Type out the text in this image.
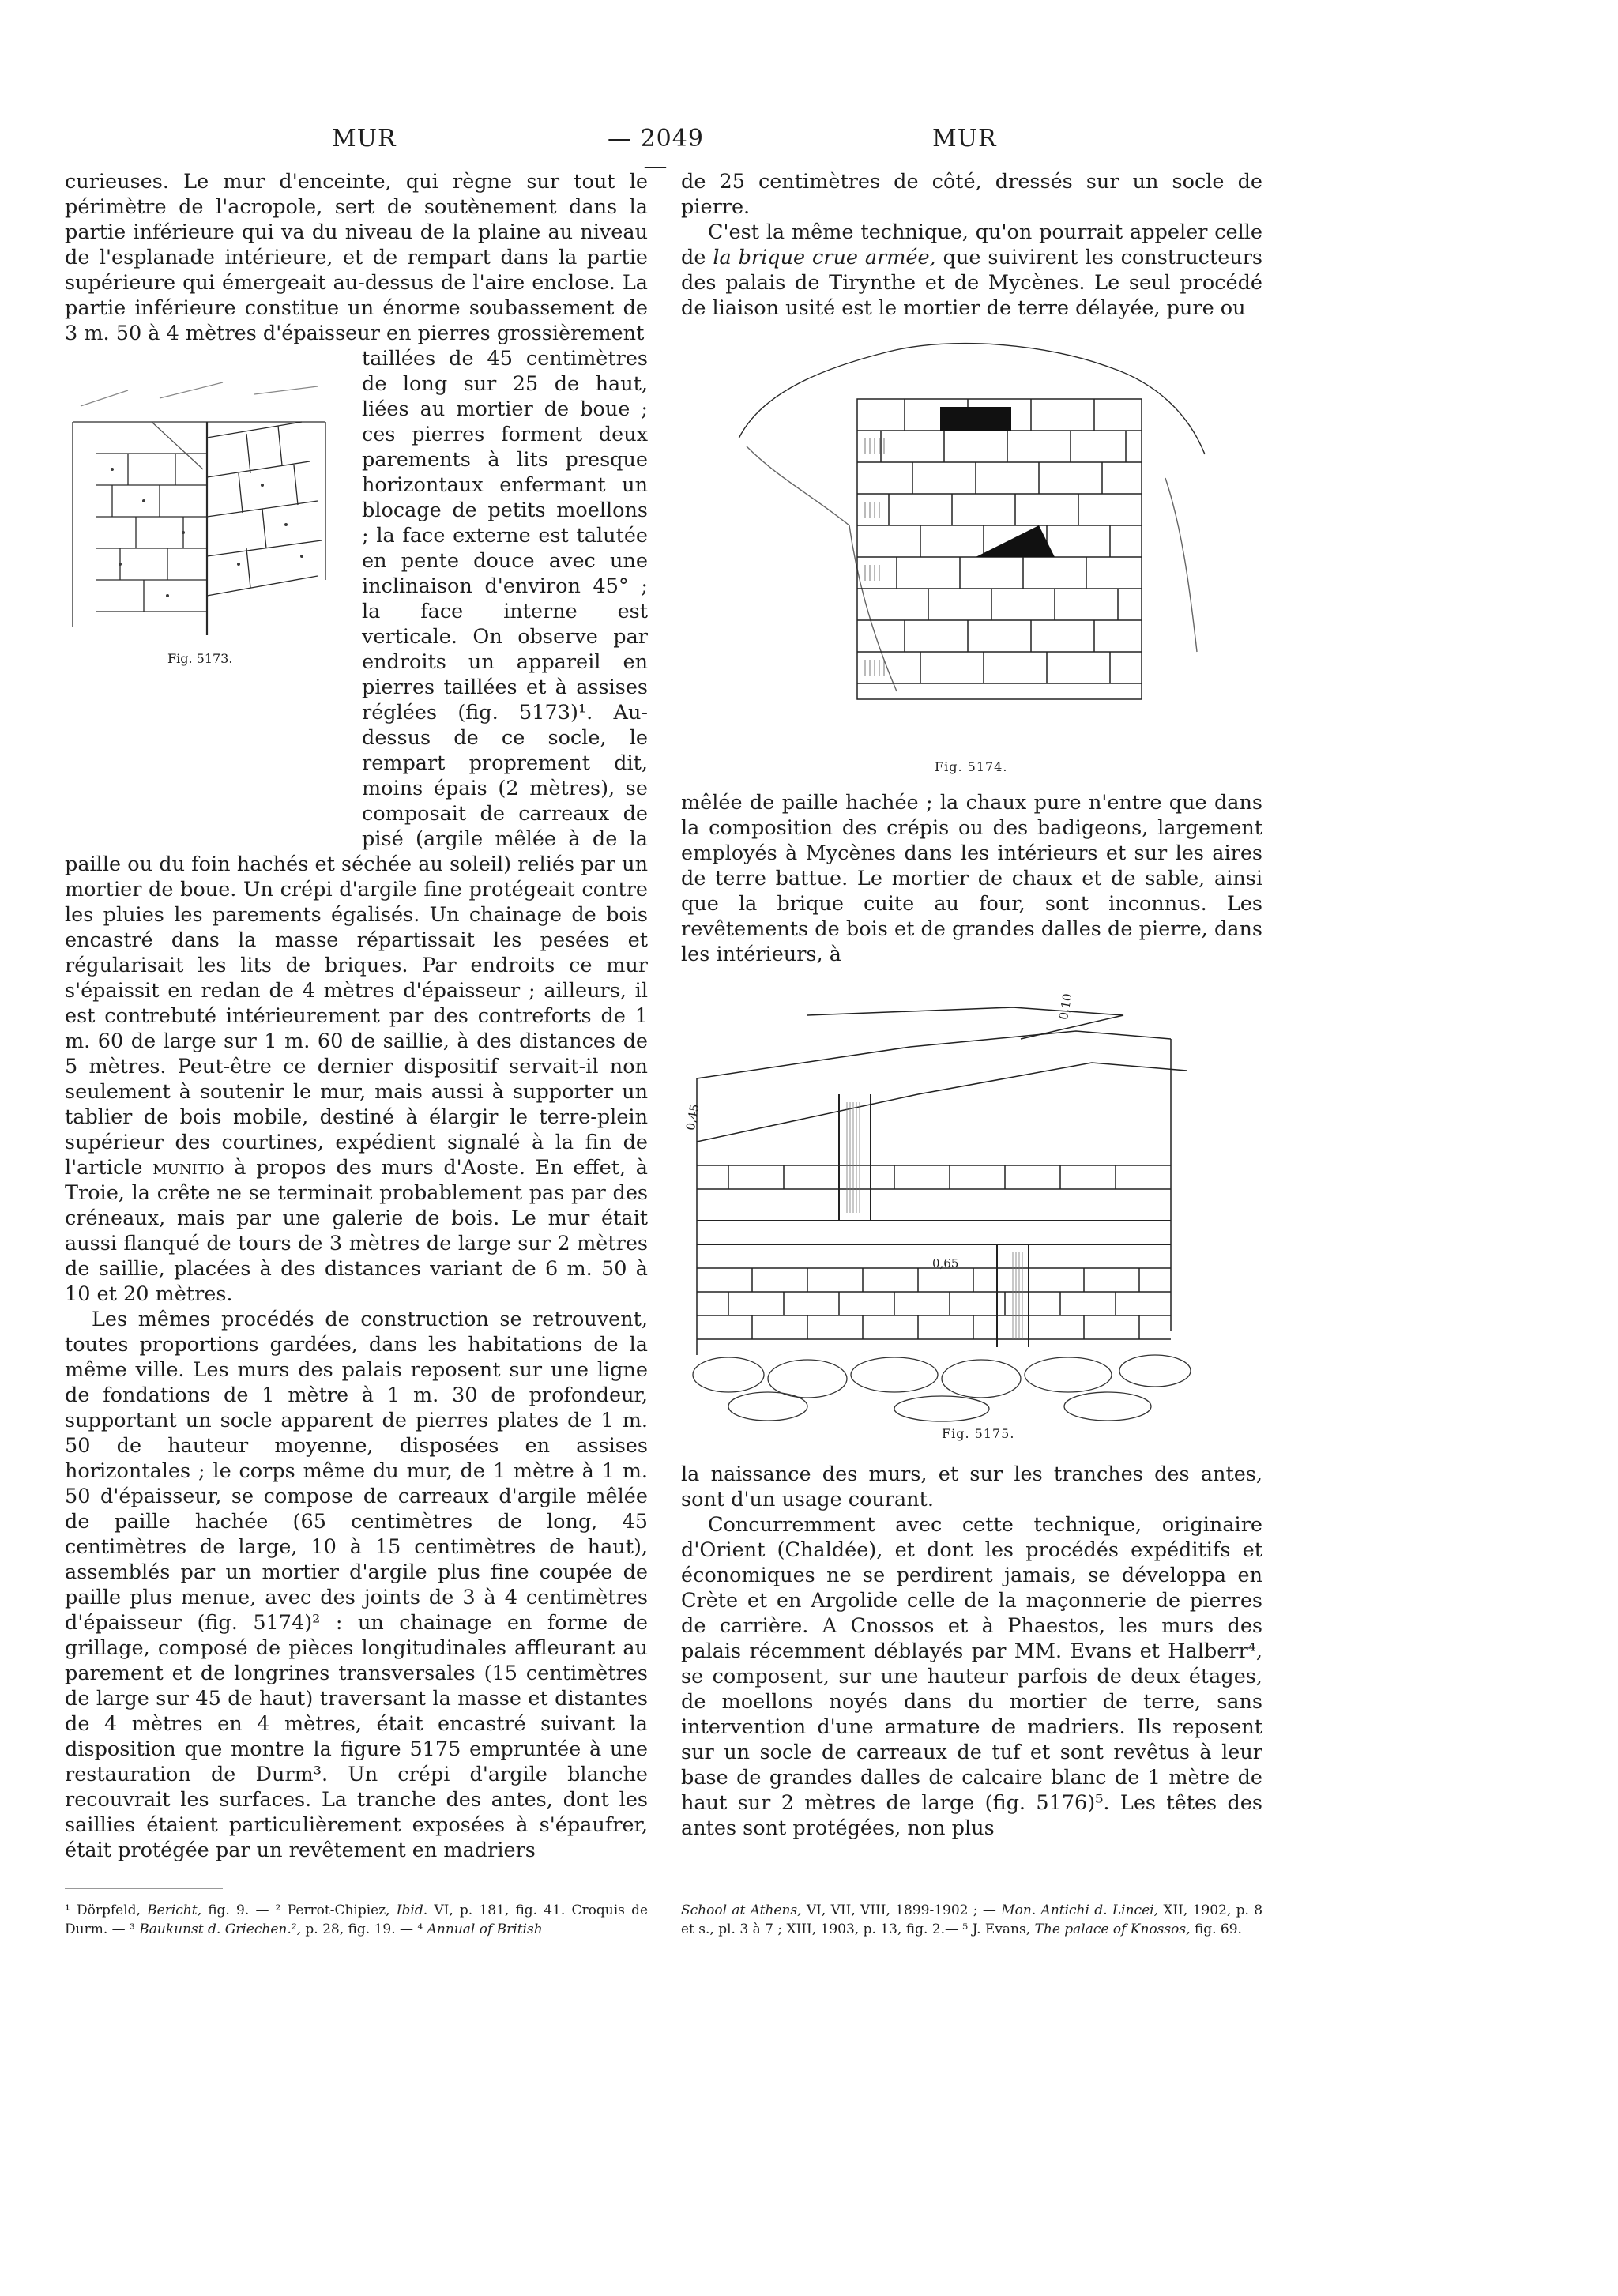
MUR	— 2049 —
MUR

curieuses. Le mur d'enceinte, qui règne sur tout le périmètre de l'acropole, sert de soutènement dans la partie inférieure qui va du niveau de la plaine au niveau de l'esplanade intérieure, et de rempart dans la partie supérieure qui émergeait au-dessus de l'aire enclose. La partie inférieure constitue un énorme soubassement de 3 m. 50 à 4 mètres d'épaisseur en pierres grossièrement

Fig. 5173.

taillées de 45 centimètres de long sur 25 de haut, liées au mortier de boue ; ces pierres forment deux parements à lits presque horizontaux enfermant un blocage de petits moellons ; la face externe est talutée en pente douce avec une inclinaison d'environ 45° ; la face interne est verticale. On observe par endroits un appareil en pierres taillées et à assises réglées (fig. 5173)¹. Au-dessus de ce socle, le rempart proprement dit, moins épais (2 mètres), se composait de carreaux de pisé (argile mêlée à de la paille ou du foin hachés et séchée au soleil) reliés par un mortier de boue. Un crépi d'argile fine protégeait contre les pluies les parements égalisés. Un chainage de bois encastré dans la masse répartissait les pesées et régularisait les lits de briques. Par endroits ce mur s'épaissit en redan de 4 mètres d'épaisseur ; ailleurs, il est contrebuté intérieurement par des contreforts de 1 m. 60 de large sur 1 m. 60 de saillie, à des distances de 5 mètres. Peut-être ce dernier dispositif servait-il non seulement à soutenir le mur, mais aussi à supporter un tablier de bois mobile, destiné à élargir le terre-plein supérieur des courtines, expédient signalé à la fin de l'article munitio à propos des murs d'Aoste. En effet, à Troie, la crête ne se terminait probablement pas par des créneaux, mais par une galerie de bois. Le mur était aussi flanqué de tours de 3 mètres de large sur 2 mètres de saillie, placées à des distances variant de 6 m. 50 à 10 et 20 mètres.

Les mêmes procédés de construction se retrouvent, toutes proportions gardées, dans les habitations de la même ville. Les murs des palais reposent sur une ligne de fondations de 1 mètre à 1 m. 30 de profondeur, supportant un socle apparent de pierres plates de 1 m. 50 de hauteur moyenne, disposées en assises horizontales ; le corps même du mur, de 1 mètre à 1 m. 50 d'épaisseur, se compose de carreaux d'argile mêlée de paille hachée (65 centimètres de long, 45 centimètres de large, 10 à 15 centimètres de haut), assemblés par un mortier d'argile plus fine coupée de paille plus menue, avec des joints de 3 à 4 centimètres d'épaisseur (fig. 5174)² : un chainage en forme de grillage, composé de pièces longitudinales affleurant au parement et de longrines transversales (15 centimètres de large sur 45 de haut) traversant la masse et distantes de 4 mètres en 4 mètres, était encastré suivant la disposition que montre la figure 5175 empruntée à une restauration de Durm³. Un crépi d'argile blanche recouvrait les surfaces. La tranche des antes, dont les saillies étaient particulièrement exposées à s'épaufrer, était protégée par un revêtement en madriers

de 25 centimètres de côté, dressés sur un socle de pierre.

C'est la même technique, qu'on pourrait appeler celle de la brique crue armée, que suivirent les constructeurs des palais de Tirynthe et de Mycènes. Le seul procédé de liaison usité est le mortier de terre délayée, pure ou

Fig. 5174.

mêlée de paille hachée ; la chaux pure n'entre que dans la composition des crépis ou des badigeons, largement employés à Mycènes dans les intérieurs et sur les aires de terre battue. Le mortier de chaux et de sable, ainsi que la brique cuite au four, sont inconnus. Les revêtements de bois et de grandes dalles de pierre, dans les intérieurs, à

0,45
0,65
0,10
Fig. 5175.

la naissance des murs, et sur les tranches des antes, sont d'un usage courant.

Concurremment avec cette technique, originaire d'Orient (Chaldée), et dont les procédés expéditifs et économiques ne se perdirent jamais, se développa en Crète et en Argolide celle de la maçonnerie de pierres de carrière. A Cnossos et à Phaestos, les murs des palais récemment déblayés par MM. Evans et Halberr⁴, se composent, sur une hauteur parfois de deux étages, de moellons noyés dans du mortier de terre, sans intervention d'une armature de madriers. Ils reposent sur un socle de carreaux de tuf et sont revêtus à leur base de grandes dalles de calcaire blanc de 1 mètre de haut sur 2 mètres de large (fig. 5176)⁵. Les têtes des antes sont protégées, non plus

¹ Dörpfeld, Bericht, fig. 9. — ² Perrot-Chipiez, Ibid. VI, p. 181, fig. 41. Croquis de Durm. — ³ Baukunst d. Griechen.², p. 28, fig. 19. — ⁴ Annual of British
School at Athens, VI, VII, VIII, 1899-1902 ; — Mon. Antichi d. Lincei, XII, 1902, p. 8 et s., pl. 3 à 7 ; XIII, 1903, p. 13, fig. 2.— ⁵ J. Evans, The palace of Knossos, fig. 69.
